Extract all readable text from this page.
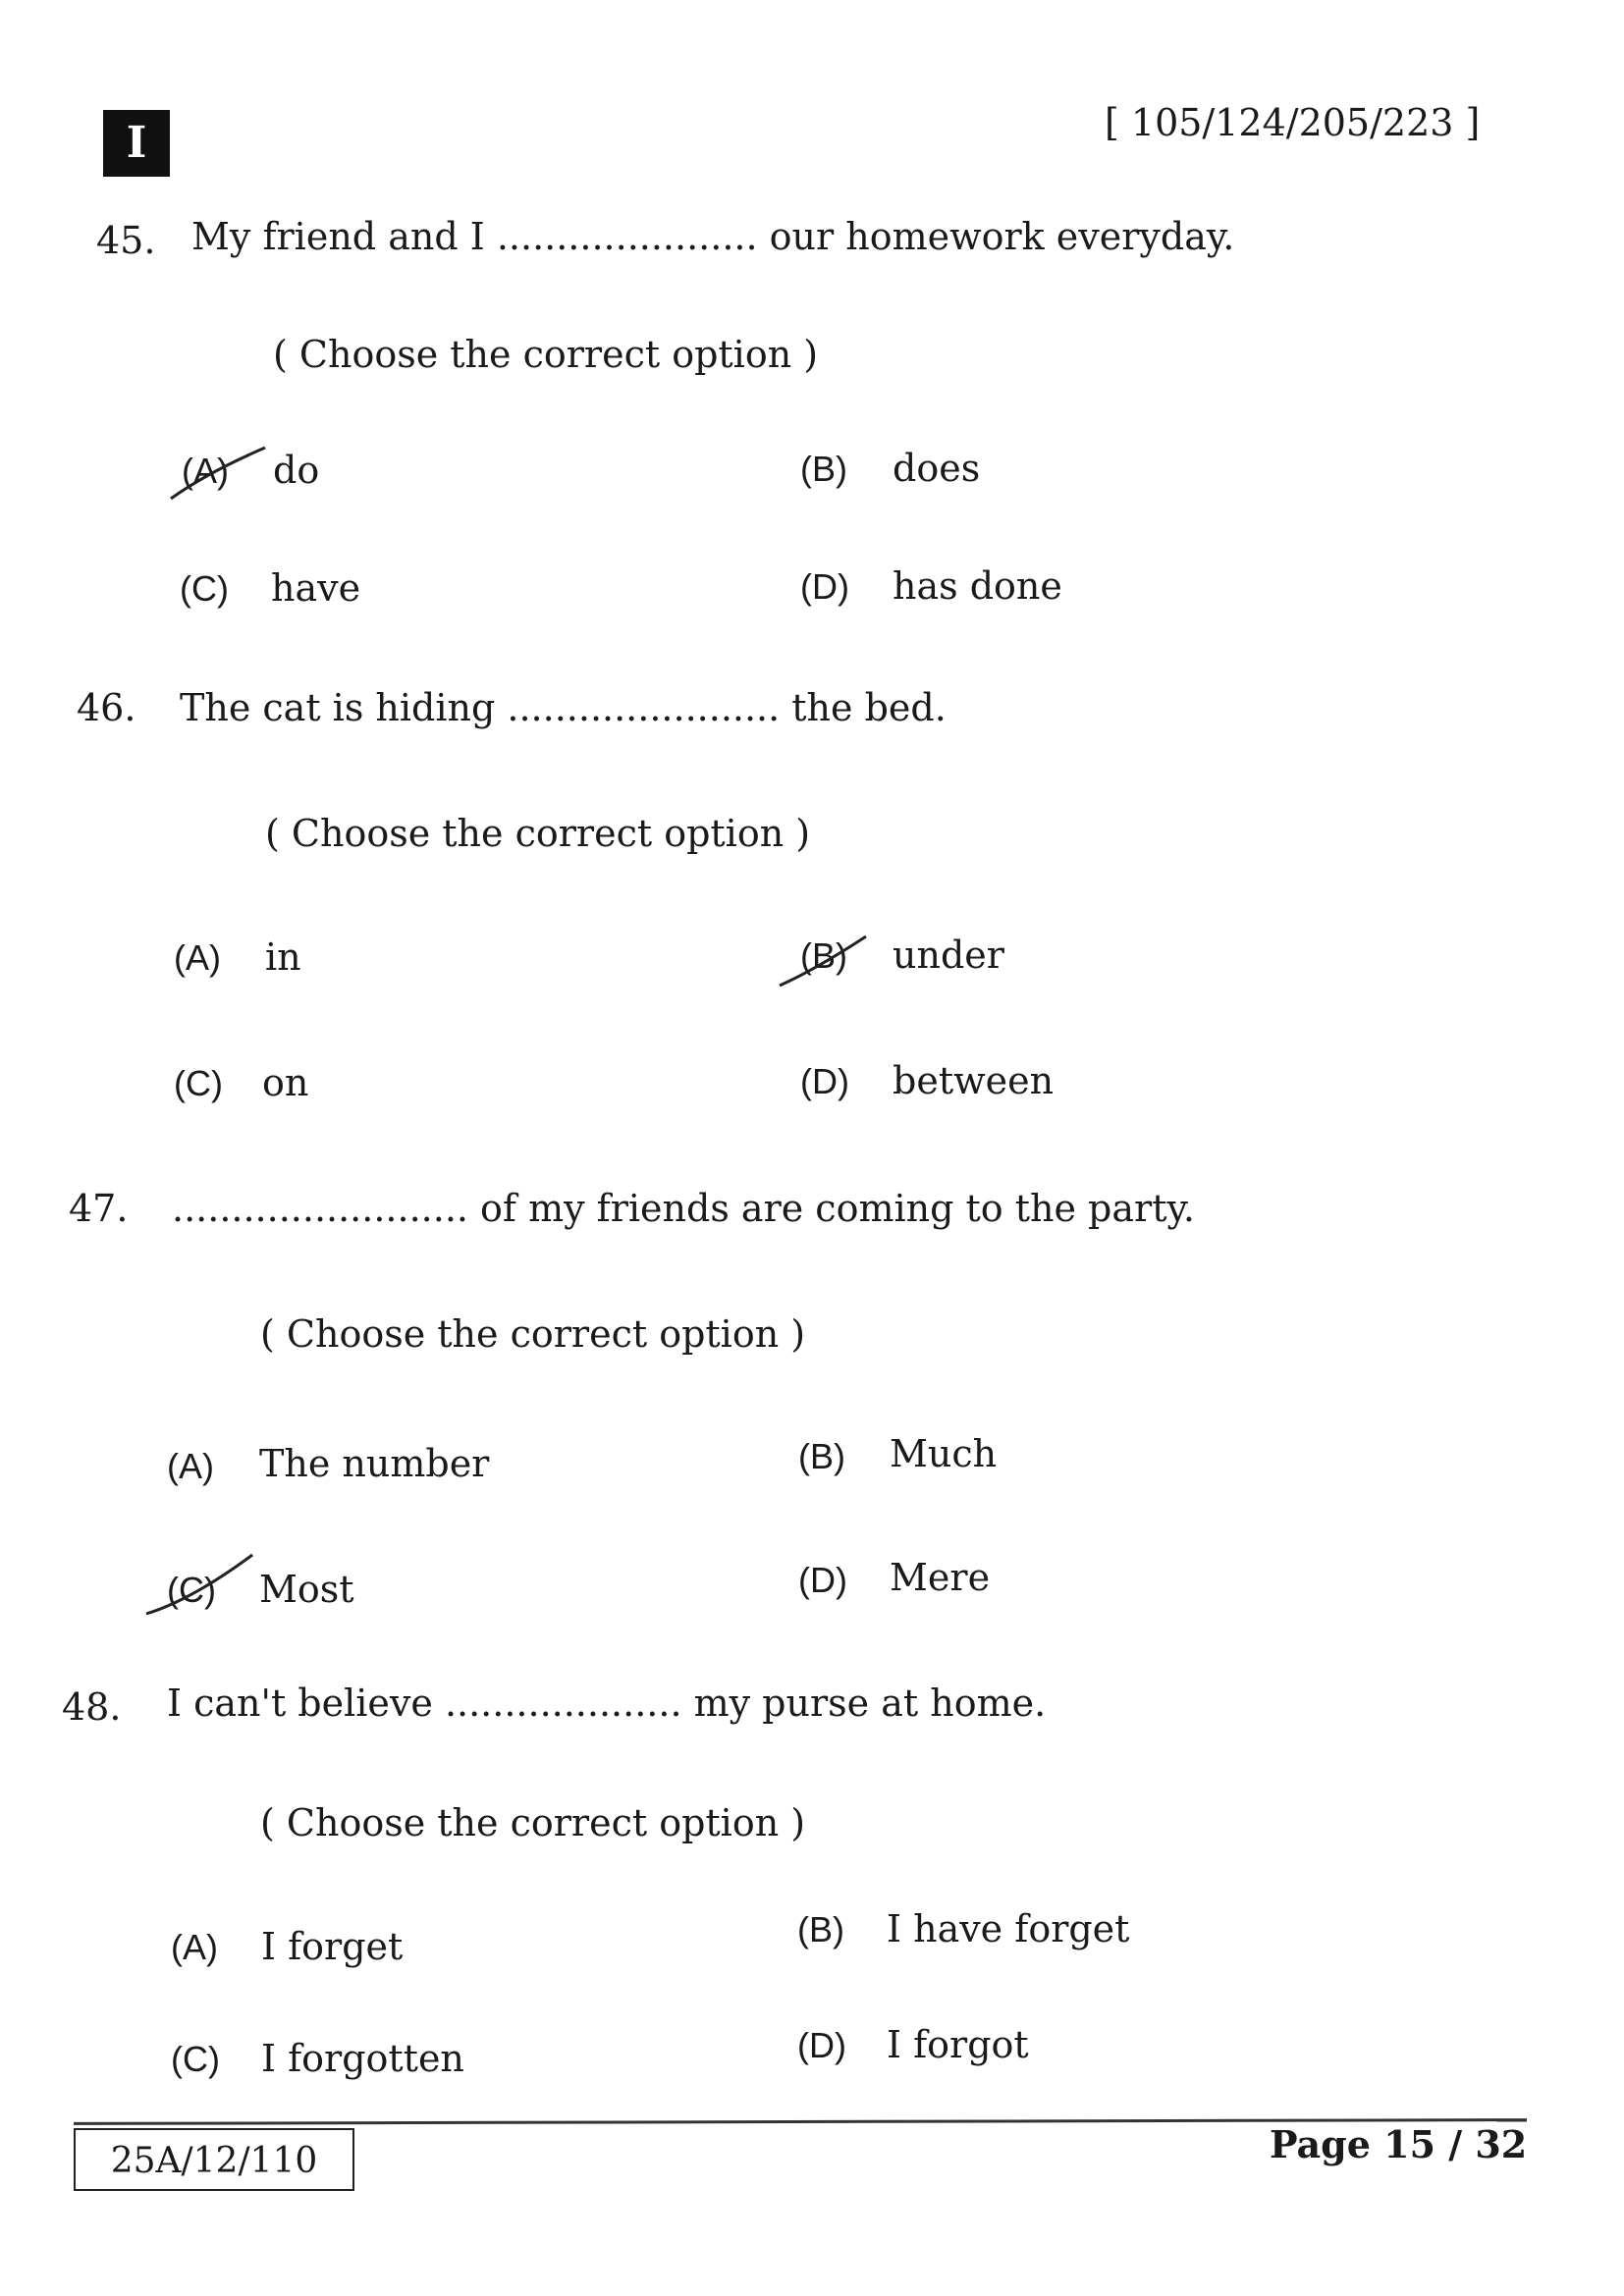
I	[ 105/124/205/223 ]
45. My friend and I ...................... our homework everyday.
( Choose the correct option )
(A) do	(B) does
(C) have	(D) has done
46. The cat is hiding ....................... the bed.
( Choose the correct option )
(A) in	(B) under
(C) on	(D) between
47. ......................... of my friends are coming to the party.
( Choose the correct option )
(A) The number	(B) Much
(C) Most	(D) Mere
48. I can't believe .................... my purse at home.
( Choose the correct option )
(A) I forget	(B) I have forget
(C) I forgotten	(D) I forgot
25A/12/110	Page 15 / 32
